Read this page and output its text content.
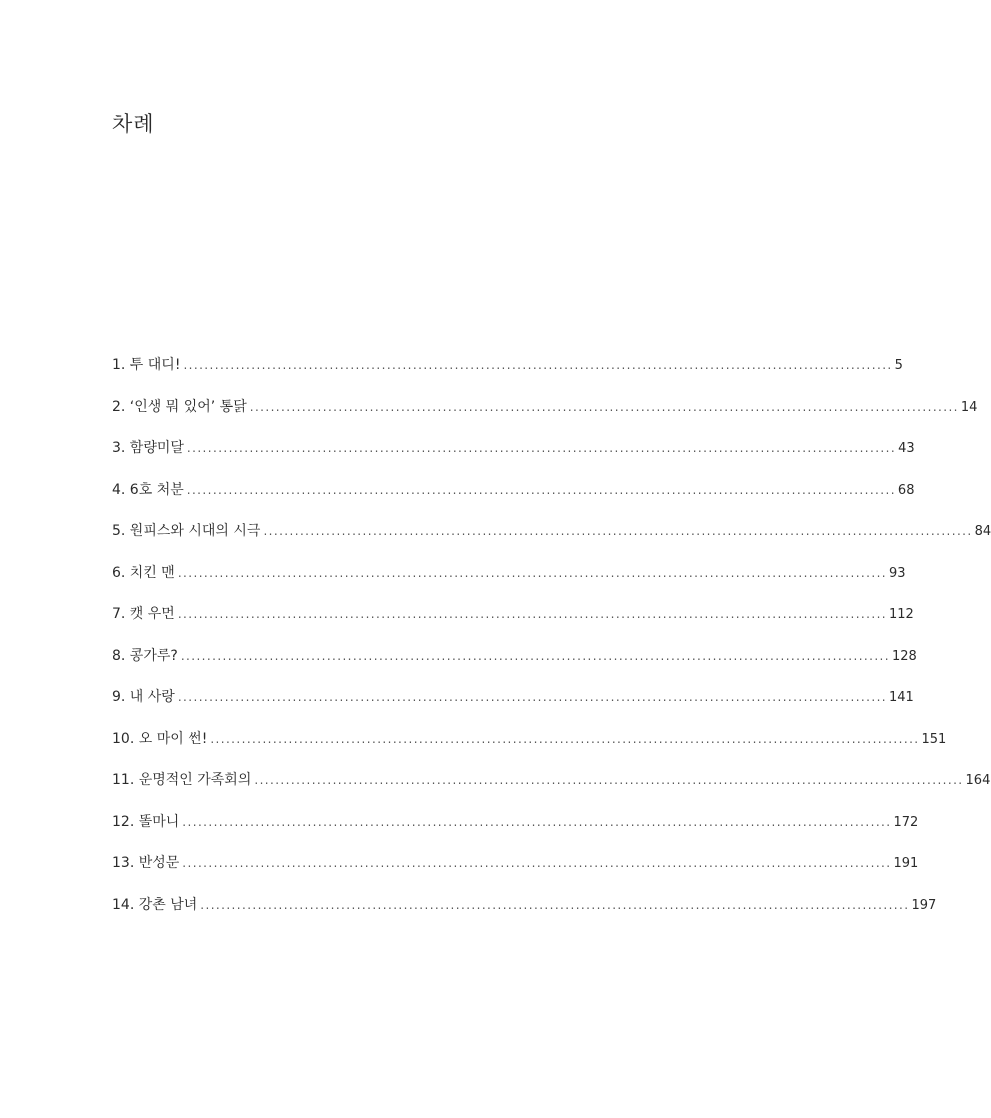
차례
1. 투 대디! ........................................................................................................................................ 5
2. ‘인생 뭐 있어’ 통닭 ........................................................................................................................................ 14
3. 함량미달 ........................................................................................................................................ 43
4. 6호 처분 ........................................................................................................................................ 68
5. 원피스와 시대의 시극 ........................................................................................................................................ 84
6. 치킨 맨 ........................................................................................................................................ 93
7. 캣 우먼 ........................................................................................................................................ 112
8. 콩가루? ........................................................................................................................................ 128
9. 내 사랑 ........................................................................................................................................ 141
10. 오 마이 썬! ........................................................................................................................................ 151
11. 운명적인 가족회의 ........................................................................................................................................ 164
12. 똘마니 ........................................................................................................................................ 172
13. 반성문 ........................................................................................................................................ 191
14. 강촌 남녀 ........................................................................................................................................ 197
